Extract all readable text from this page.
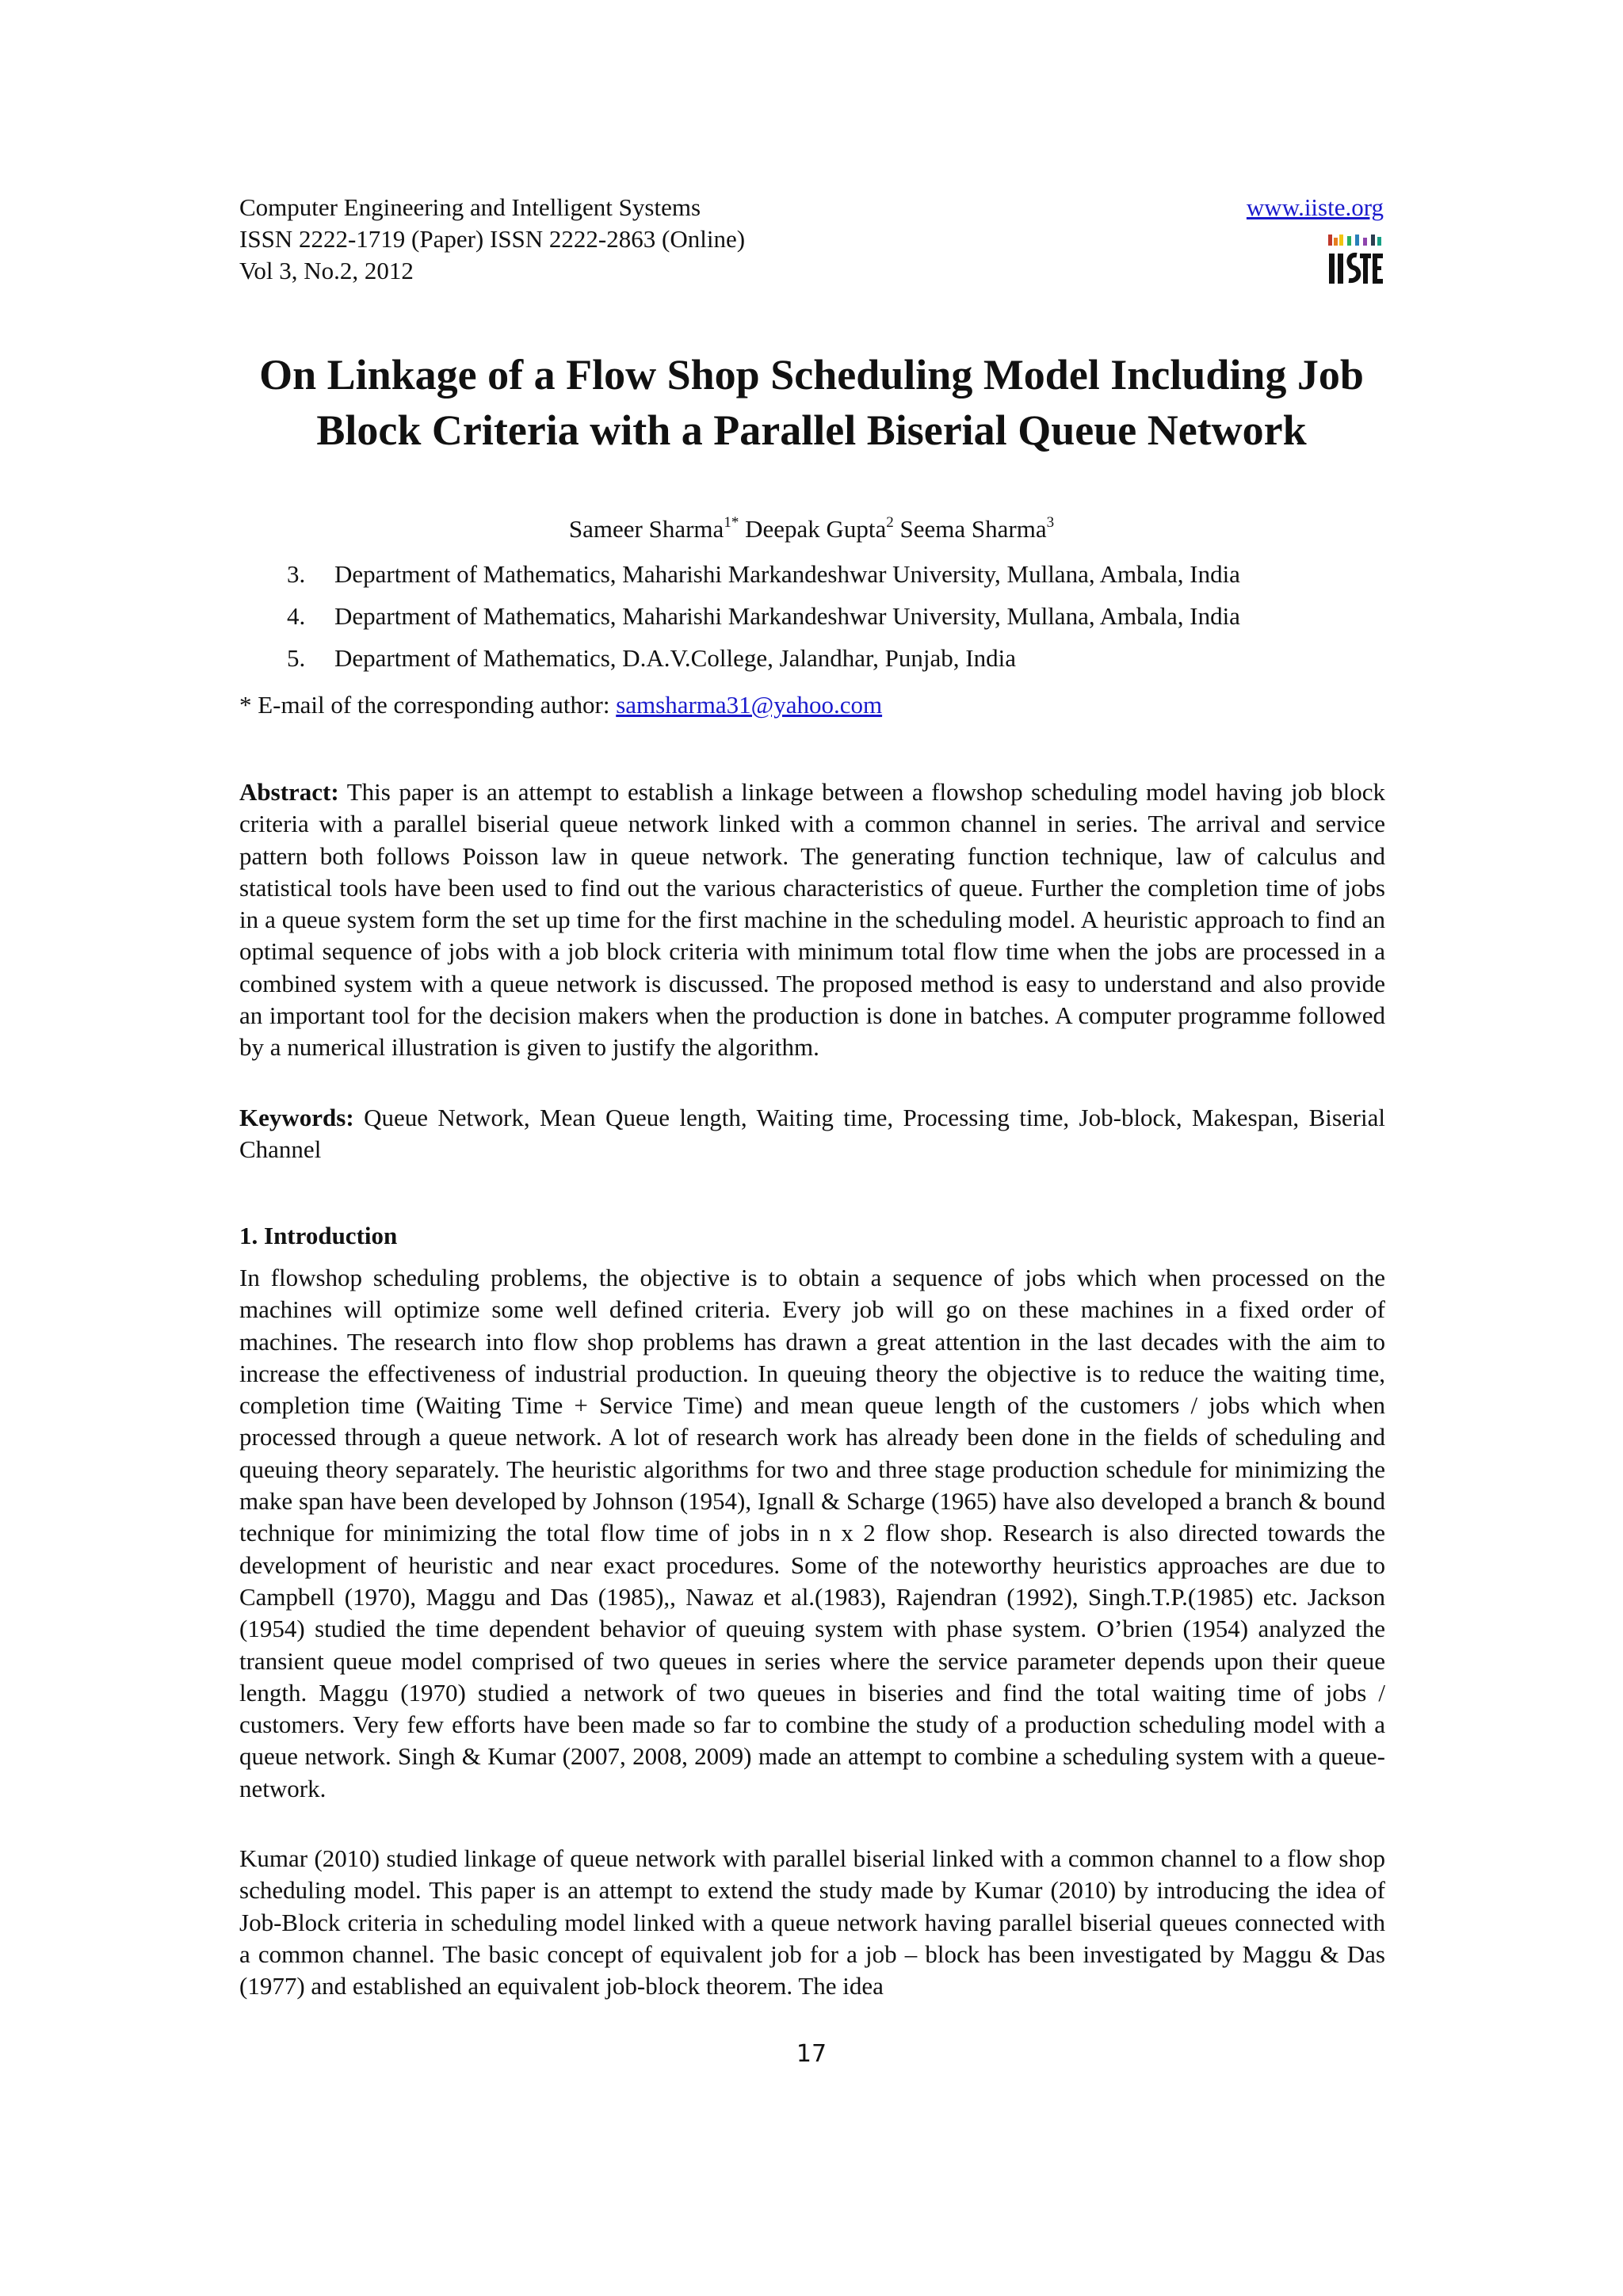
Computer Engineering and Intelligent Systems
ISSN 2222-1719 (Paper) ISSN 2222-2863 (Online)
Vol 3, No.2, 2012
www.iiste.org
On Linkage of a Flow Shop Scheduling Model Including Job Block Criteria with a Parallel Biserial Queue Network
Sameer Sharma$^{1*}$ Deepak Gupta$^2$ Seema Sharma$^3$
3. Department of Mathematics, Maharishi Markandeshwar University, Mullana, Ambala, India
4. Department of Mathematics, Maharishi Markandeshwar University, Mullana, Ambala, India
5. Department of Mathematics, D.A.V.College, Jalandhar, Punjab, India
* E-mail of the corresponding author: samsharma31@yahoo.com
Abstract: This paper is an attempt to establish a linkage between a flowshop scheduling model having job block criteria with a parallel biserial queue network linked with a common channel in series. The arrival and service pattern both follows Poisson law in queue network. The generating function technique, law of calculus and statistical tools have been used to find out the various characteristics of queue. Further the completion time of jobs in a queue system form the set up time for the first machine in the scheduling model. A heuristic approach to find an optimal sequence of jobs with a job block criteria with minimum total flow time when the jobs are processed in a combined system with a queue network is discussed. The proposed method is easy to understand and also provide an important tool for the decision makers when the production is done in batches. A computer programme followed by a numerical illustration is given to justify the algorithm.
Keywords: Queue Network, Mean Queue length, Waiting time, Processing time, Job-block, Makespan, Biserial Channel
1. Introduction
In flowshop scheduling problems, the objective is to obtain a sequence of jobs which when processed on the machines will optimize some well defined criteria. Every job will go on these machines in a fixed order of machines. The research into flow shop problems has drawn a great attention in the last decades with the aim to increase the effectiveness of industrial production. In queuing theory the objective is to reduce the waiting time, completion time (Waiting Time + Service Time) and mean queue length of the customers / jobs which when processed through a queue network. A lot of research work has already been done in the fields of scheduling and queuing theory separately. The heuristic algorithms for two and three stage production schedule for minimizing the make span have been developed by Johnson (1954), Ignall & Scharge (1965) have also developed a branch & bound technique for minimizing the total flow time of jobs in n x 2 flow shop. Research is also directed towards the development of heuristic and near exact procedures. Some of the noteworthy heuristics approaches are due to Campbell (1970), Maggu and Das (1985),, Nawaz et al.(1983), Rajendran (1992), Singh.T.P.(1985) etc. Jackson (1954) studied the time dependent behavior of queuing system with phase system. O’brien (1954) analyzed the transient queue model comprised of two queues in series where the service parameter depends upon their queue length. Maggu (1970) studied a network of two queues in biseries and find the total waiting time of jobs / customers. Very few efforts have been made so far to combine the study of a production scheduling model with a queue network. Singh & Kumar (2007, 2008, 2009) made an attempt to combine a scheduling system with a queue-network.
Kumar (2010) studied linkage of queue network with parallel biserial linked with a common channel to a flow shop scheduling model. This paper is an attempt to extend the study made by Kumar (2010) by introducing the idea of Job-Block criteria in scheduling model linked with a queue network having parallel biserial queues connected with a common channel. The basic concept of equivalent job for a job – block has been investigated by Maggu & Das (1977) and established an equivalent job-block theorem. The idea
17
